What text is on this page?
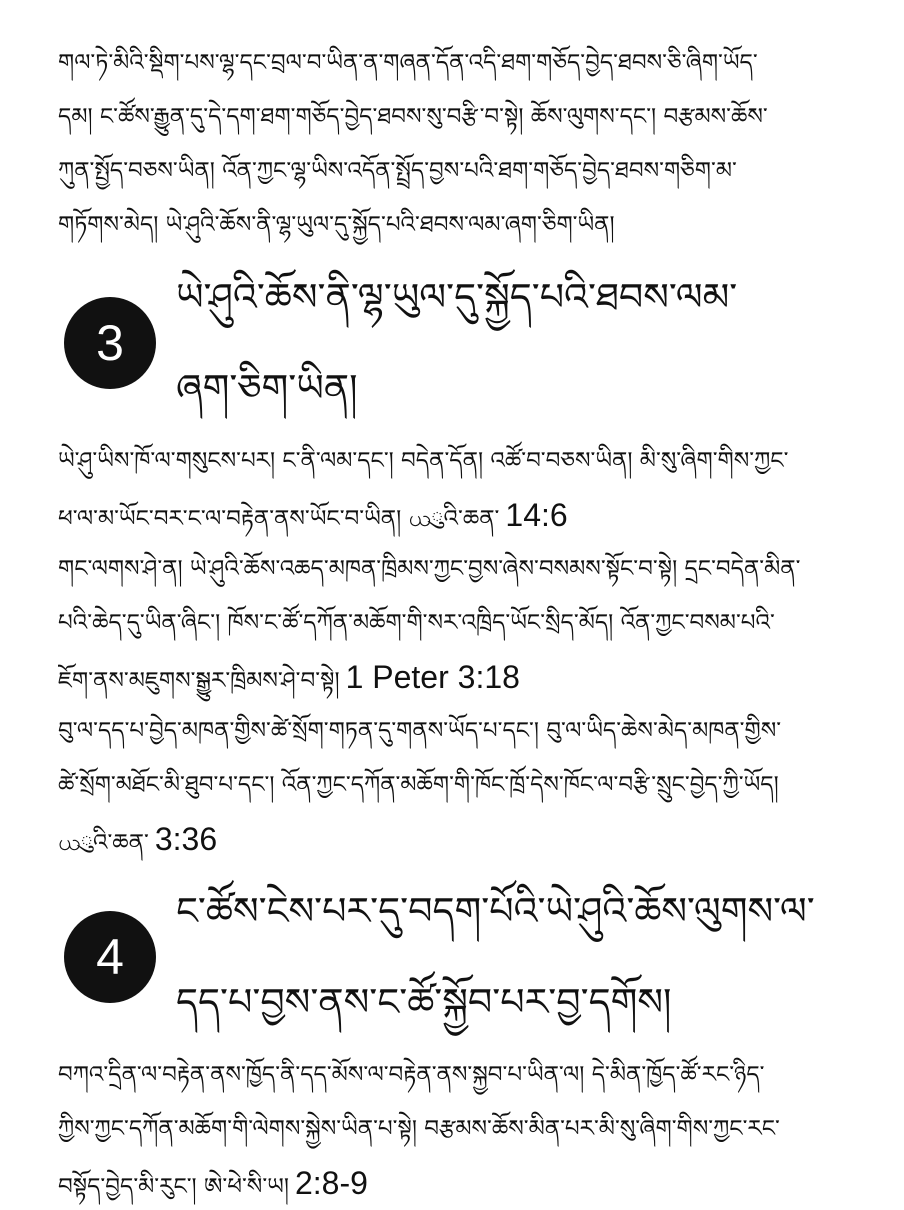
གལ་ཏེ་མིའི་སྡིག་པས་ལྷ་དང་བྲལ་བ་ཡིན་ན་གཞན་དོན་འདི་ཐག་གཅོད་བྱེད་ཐབས་ཅི་ཞིག་ཡོད་
དམ། ང་ཚོས་རྒྱུན་དུ་དེ་དག་ཐག་གཅོད་བྱེད་ཐབས་སུ་བརྩི་བ་སྟེ། ཆོས་ལུགས་དང་། བརྩམས་ཆོས་
ཀུན་སྤྱོད་བཅས་ཡིན། འོན་ཀྱང་ལྷ་ཡིས་འདོན་སྤྲོད་བྱས་པའི་ཐག་གཅོད་བྱེད་ཐབས་གཅིག་མ་
གཏོགས་མེད། ཡེ་ཤུའི་ཆོས་ནི་ལྷ་ཡུལ་དུ་སྐྱོད་པའི་ཐབས་ལམ་ཞག་ཅིག་ཡིན།

3
ཡེ་ཤུའི་ཆོས་ནི་ལྷ་ཡུལ་དུ་སྐྱོད་པའི་ཐབས་ལམ་
ཞག་ཅིག་ཡིན།

ཡེ་ཤུ་ཡིས་ཁོ་ལ་གསུངས་པར། ང་ནི་ལམ་དང་། བདེན་དོན། འཚོ་བ་བཅས་ཡིན། མི་སུ་ཞིག་གིས་ཀྱང་
ཕ་ལ་མ་ཡོང་བར་ང་ལ་བརྟེན་ནས་ཡོང་བ་ཡིན། ယུའི་ཆན་ 14:6

གང་ལགས་ཤེ་ན། ཡེ་ཤུའི་ཆོས་འཆད་མཁན་ཁྲིམས་ཀྱང་བྱས་ཞེས་བསམས་སྟོང་བ་སྟེ། དྲང་བདེན་མིན་
པའི་ཆེད་དུ་ཡིན་ཞིང་། ཁོས་ང་ཚོ་དཀོན་མཆོག་གི་སར་འཁྲིད་ཡོང་སྲིད་མོད། འོན་ཀྱང་བསམ་པའི་
ཇོག་ནས་མཇུགས་སྒྱུར་ཁྲིམས་ཤེ་བ་སྟེ། 1 Peter 3:18

བུ་ལ་དད་པ་བྱེད་མཁན་གྱིས་ཚེ་སྲོག་གཏན་དུ་གནས་ཡོད་པ་དང་། བུ་ལ་ཡིད་ཆེས་མེད་མཁན་གྱིས་
ཚེ་སྲོག་མཐོང་མི་ཐུབ་པ་དང་། འོན་ཀྱང་དཀོན་མཆོག་གི་ཁོང་ཁྲོ་དེས་ཁོང་ལ་བརྩི་སྲུང་བྱེད་ཀྱི་ཡོད།
ယུའི་ཆན་ 3:36

4
ང་ཚོས་ངེས་པར་དུ་བདག་པོའི་ཡེ་ཤུའི་ཆོས་ལུགས་ལ་
དད་པ་བྱས་ནས་ང་ཚོ་སྐྱོབ་པར་བྱ་དགོས།

བཀའ་དྲིན་ལ་བརྟེན་ནས་ཁྱོད་ནི་དད་མོས་ལ་བརྟེན་ནས་སྐྱབ་པ་ཡིན་ལ། དེ་མིན་ཁྱོད་ཚོ་རང་ཉིད་
ཀྱིས་ཀྱང་དཀོན་མཆོག་གི་ལེགས་སྐྱེས་ཡིན་པ་སྟེ། བརྩམས་ཆོས་མིན་པར་མི་སུ་ཞིག་གིས་ཀྱང་རང་
བསྟོད་བྱེད་མི་རུང་། ཨེ་ཕེ་སི་ཡ། 2:8-9
